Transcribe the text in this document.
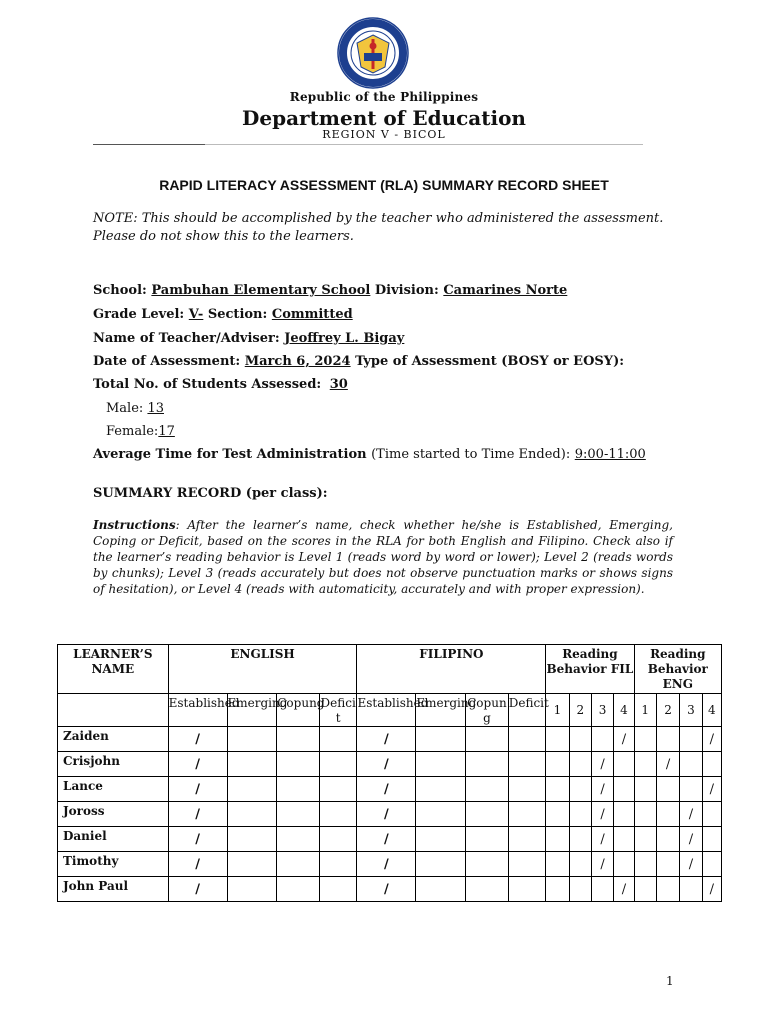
Republic of the Philippines
Department of Education
REGION V - BICOL
RAPID LITERACY ASSESSMENT (RLA) SUMMARY RECORD SHEET
NOTE: This should be accomplished by the teacher who administered the assessment. Please do not show this to the learners.
School: Pambuhan Elementary School Division: Camarines Norte
Grade Level: V- Section: Committed
Name of Teacher/Adviser: Jeoffrey L. Bigay
Date of Assessment: March 6, 2024 Type of Assessment (BOSY or EOSY):
Total No. of Students Assessed: 30
Male: 13
Female:17
Average Time for Test Administration (Time started to Time Ended): 9:00-11:00
SUMMARY RECORD (per class):
Instructions: After the learner’s name, check whether he/she is Established, Emerging, Coping or Deficit, based on the scores in the RLA for both English and Filipino. Check also if the learner’s reading behavior is Level 1 (reads word by word or lower); Level 2 (reads words by chunks); Level 3 (reads accurately but does not observe punctuation marks or shows signs of hesitation), or Level 4 (reads with automaticity, accurately and with proper expression).
LEARNER’S NAME	ENGLISH				FILIPINO				Reading Behavior FIL				Reading Behavior ENG			
	Established	Emerging	Copung	Defici t	Established	Emerging	Copun g	Deficit	1	2	3	4	1	2	3	4
Zaiden	/				/							/				/
Crisjohn	/				/						/			/		
Lance	/				/						/					/
Joross	/				/						/				/	
Daniel	/				/						/				/	
Timothy	/				/						/				/	
John Paul	/				/							/				/
1
